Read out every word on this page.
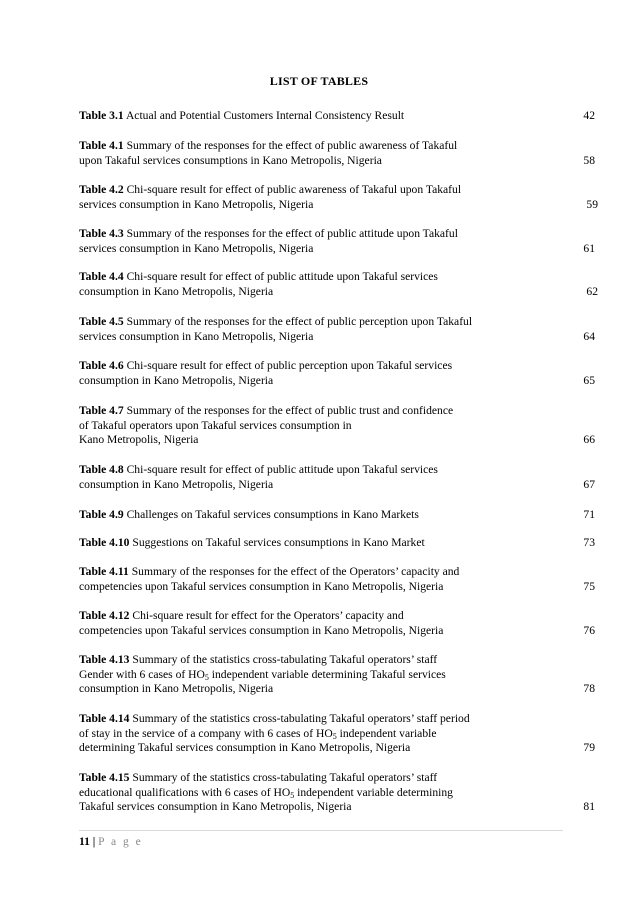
LIST OF TABLES
Table 3.1 Actual and Potential Customers Internal Consistency Result	42
Table 4.1 Summary of the responses for the effect of public awareness of Takaful
upon Takaful services consumptions in Kano Metropolis, Nigeria	58
Table 4.2 Chi-square result for effect of public awareness of Takaful upon Takaful
services consumption in Kano Metropolis, Nigeria	59
Table 4.3 Summary of the responses for the effect of public attitude upon Takaful
services consumption in Kano Metropolis, Nigeria	61
Table 4.4 Chi-square result for effect of public attitude upon Takaful services
consumption in Kano Metropolis, Nigeria	62
Table 4.5 Summary of the responses for the effect of public perception upon Takaful
services consumption in Kano Metropolis, Nigeria	64
Table 4.6 Chi-square result for effect of public perception upon Takaful services
consumption in Kano Metropolis, Nigeria	65
Table 4.7 Summary of the responses for the effect of public trust and confidence
of Takaful operators upon Takaful services consumption in
Kano Metropolis, Nigeria	66
Table 4.8 Chi-square result for effect of public attitude upon Takaful services
consumption in Kano Metropolis, Nigeria	67
Table 4.9 Challenges on Takaful services consumptions in Kano Markets	71
Table 4.10 Suggestions on Takaful services consumptions in Kano Market	73
Table 4.11 Summary of the responses for the effect of the Operators’ capacity and
competencies upon Takaful services consumption in Kano Metropolis, Nigeria	75
Table 4.12 Chi-square result for effect for the Operators’ capacity and
competencies upon Takaful services consumption in Kano Metropolis, Nigeria	76
Table 4.13 Summary of the statistics cross-tabulating Takaful operators’ staff
Gender with 6 cases of $HO_5$ independent variable determining Takaful services
consumption in Kano Metropolis, Nigeria	78
Table 4.14 Summary of the statistics cross-tabulating Takaful operators’ staff period
of stay in the service of a company with 6 cases of $HO_5$ independent variable
determining Takaful services consumption in Kano Metropolis, Nigeria	79
Table 4.15 Summary of the statistics cross-tabulating Takaful operators’ staff
educational qualifications with 6 cases of $HO_5$ independent variable determining
Takaful services consumption in Kano Metropolis, Nigeria	81
11 | P a g e
